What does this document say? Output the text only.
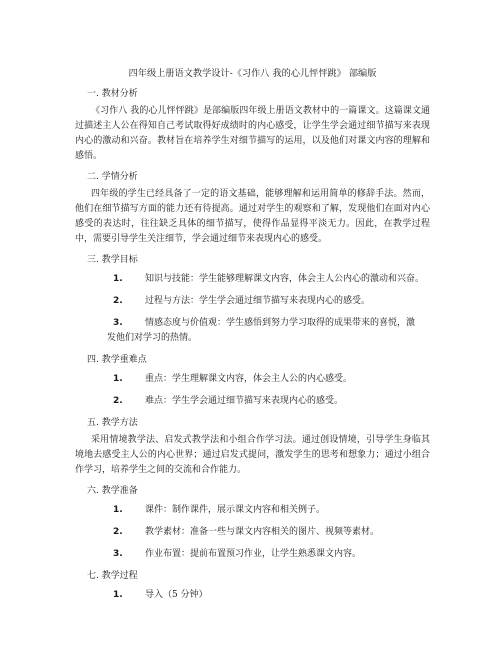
四年级上册语文教学设计-《习作八 我的心儿怦怦跳》 部编版
一. 教材分析

《习作八 我的心儿怦怦跳》是部编版四年级上册语文教材中的一篇课文。这篇课文通过描述主人公在得知自己考试取得好成绩时的内心感受，让学生学会通过细节描写来表现内心的激动和兴奋。教材旨在培养学生对细节描写的运用，以及他们对课文内容的理解和感悟。

二. 学情分析

四年级的学生已经具备了一定的语文基础，能够理解和运用简单的修辞手法。然而，他们在细节描写方面的能力还有待提高。通过对学生的观察和了解，发现他们在面对内心感受的表达时，往往缺乏具体的细节描写，使得作品显得平淡无力。因此，在教学过程中，需要引导学生关注细节，学会通过细节来表现内心的感受。

三. 教学目标
1. 知识与技能：学生能够理解课文内容，体会主人公内心的激动和兴奋。
2. 过程与方法：学生学会通过细节描写来表现内心的感受。
3. 情感态度与价值观：学生感悟到努力学习取得的成果带来的喜悦，激
发他们对学习的热情。
四. 教学重难点
1. 重点：学生理解课文内容，体会主人公的内心感受。
2. 难点：学生学会通过细节描写来表现内心的感受。
五. 教学方法

采用情境教学法、启发式教学法和小组合作学习法。通过创设情境，引导学生身临其境地去感受主人公的内心世界；通过启发式提问，激发学生的思考和想象力；通过小组合作学习，培养学生之间的交流和合作能力。

六. 教学准备
1. 课件：制作课件，展示课文内容和相关例子。
2. 教学素材：准备一些与课文内容相关的图片、视频等素材。
3. 作业布置：提前布置预习作业，让学生熟悉课文内容。
七. 教学过程
1. 导入（5 分钟）
